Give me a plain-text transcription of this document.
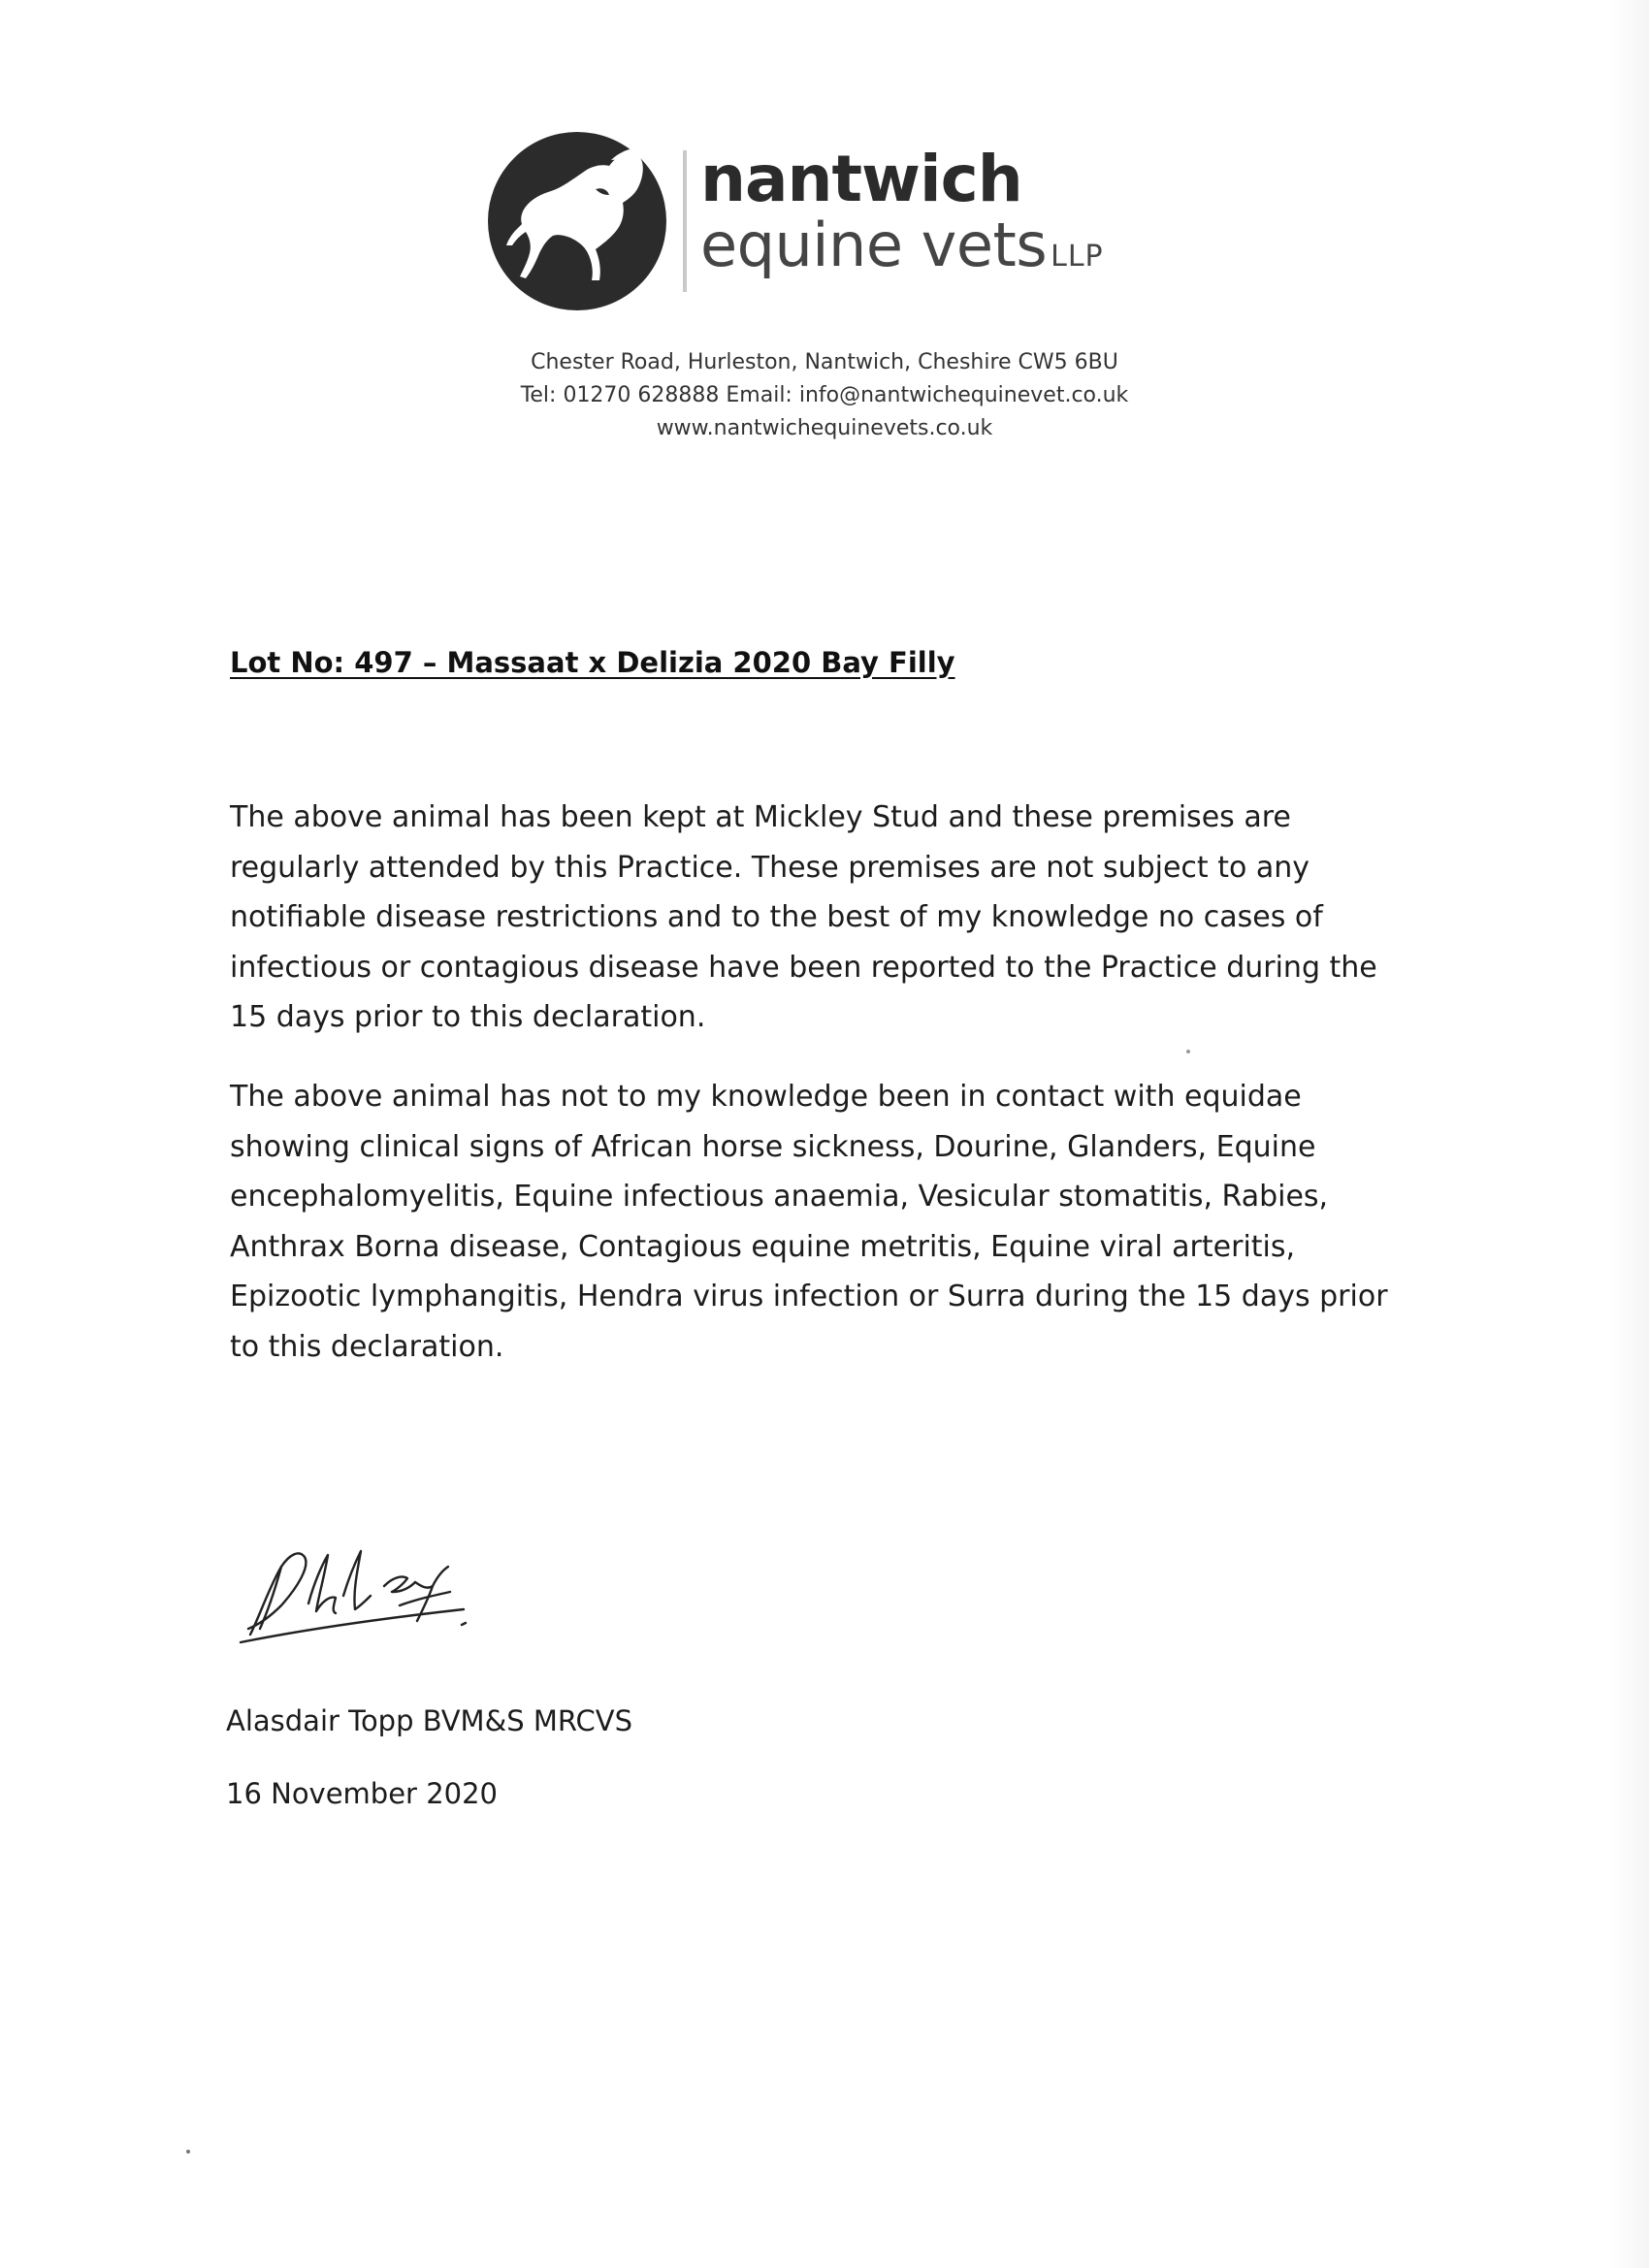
nantwich
equine vets LLP
Chester Road, Hurleston, Nantwich, Cheshire CW5 6BU
Tel: 01270 628888 Email: info@nantwichequinevet.co.uk
www.nantwichequinevets.co.uk
Lot No: 497 – Massaat x Delizia 2020 Bay Filly
The above animal has been kept at Mickley Stud and these premises are
regularly attended by this Practice. These premises are not subject to any
notifiable disease restrictions and to the best of my knowledge no cases of
infectious or contagious disease have been reported to the Practice during the
15 days prior to this declaration.
The above animal has not to my knowledge been in contact with equidae
showing clinical signs of African horse sickness, Dourine, Glanders, Equine
encephalomyelitis, Equine infectious anaemia, Vesicular stomatitis, Rabies,
Anthrax Borna disease, Contagious equine metritis, Equine viral arteritis,
Epizootic lymphangitis, Hendra virus infection or Surra during the 15 days prior
to this declaration.
Alasdair Topp BVM&S MRCVS
16 November 2020
